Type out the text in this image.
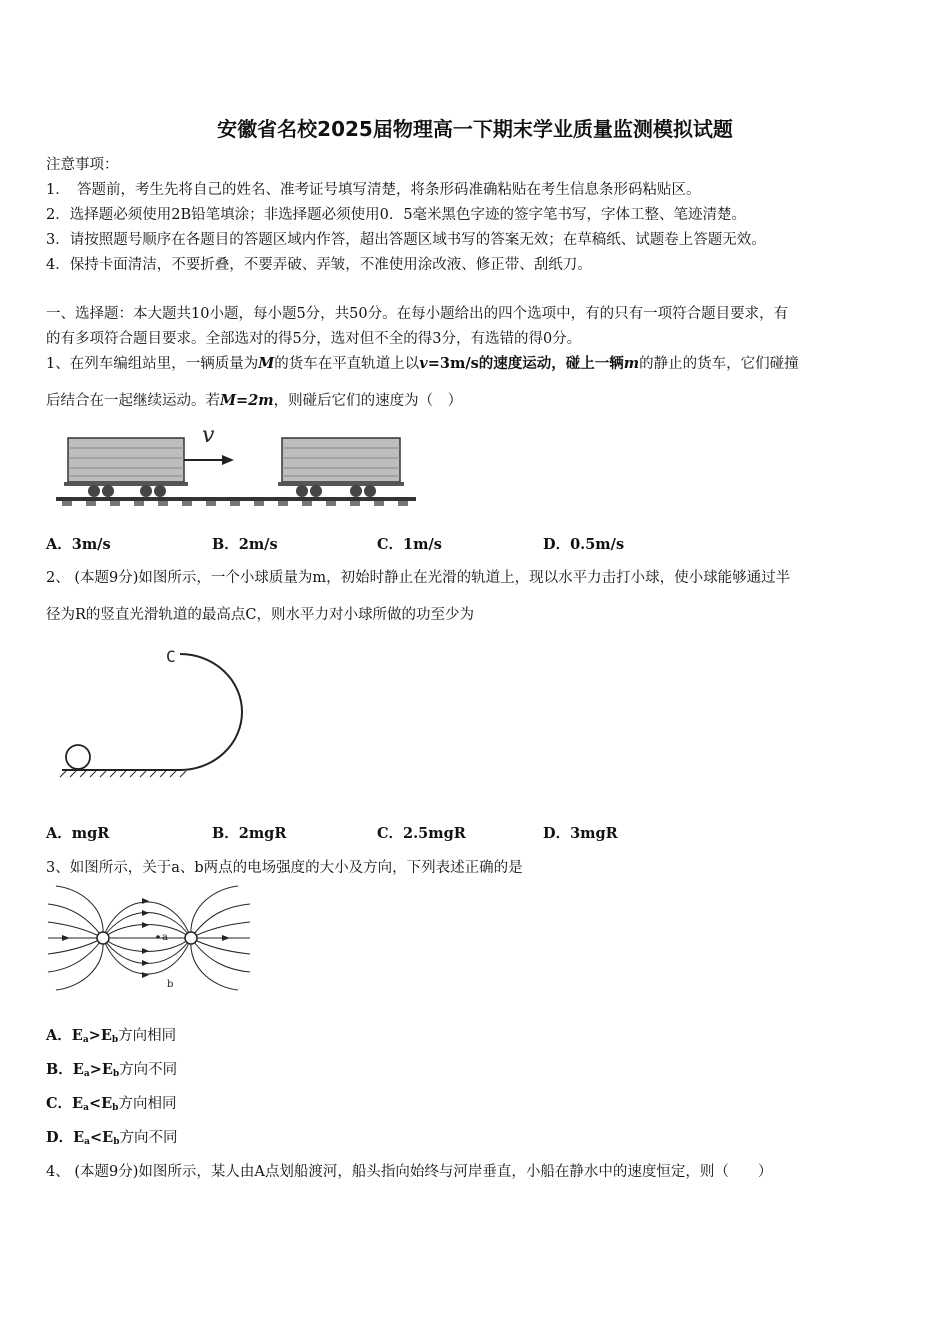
安徽省名校2025届物理高一下期末学业质量监测模拟试题
注意事项：
1．　答题前，考生先将自己的姓名、准考证号填写清楚，将条形码准确粘贴在考生信息条形码粘贴区。
2．选择题必须使用2B铅笔填涂；非选择题必须使用0．5毫米黑色字迹的签字笔书写，字体工整、笔迹清楚。
3．请按照题号顺序在各题目的答题区域内作答，超出答题区域书写的答案无效；在草稿纸、试题卷上答题无效。
4．保持卡面清洁，不要折叠，不要弄破、弄皱，不准使用涂改液、修正带、刮纸刀。
一、选择题：本大题共10小题，每小题5分，共50分。在每小题给出的四个选项中，有的只有一项符合题目要求，有
的有多项符合题目要求。全部选对的得5分，选对但不全的得3分，有选错的得0分。
1、在列车编组站里，一辆质量为M的货车在平直轨道上以v=3m/s的速度运动，碰上一辆m的静止的货车，它们碰撞
后结合在一起继续运动。若M=2m，则碰后它们的速度为（　）
v
A．3m/s	B．2m/s	C．1m/s	D．0.5m/s
2、 (本题9分)如图所示，一个小球质量为m，初始时静止在光滑的轨道上，现以水平力击打小球，使小球能够通过半
径为R的竖直光滑轨道的最高点C，则水平力对小球所做的功至少为
C
A．mgR	B．2mgR	C．2.5mgR	D．3mgR
3、如图所示，关于a、b两点的电场强度的大小及方向，下列表述正确的是
a
b
A．$E_a>E_b$方向相同
B．$E_a>E_b$方向不同
C．$E_a<E_b$方向相同
D．$E_a<E_b$方向不同
4、 (本题9分)如图所示，某人由A点划船渡河，船头指向始终与河岸垂直，小船在静水中的速度恒定，则（　　）
